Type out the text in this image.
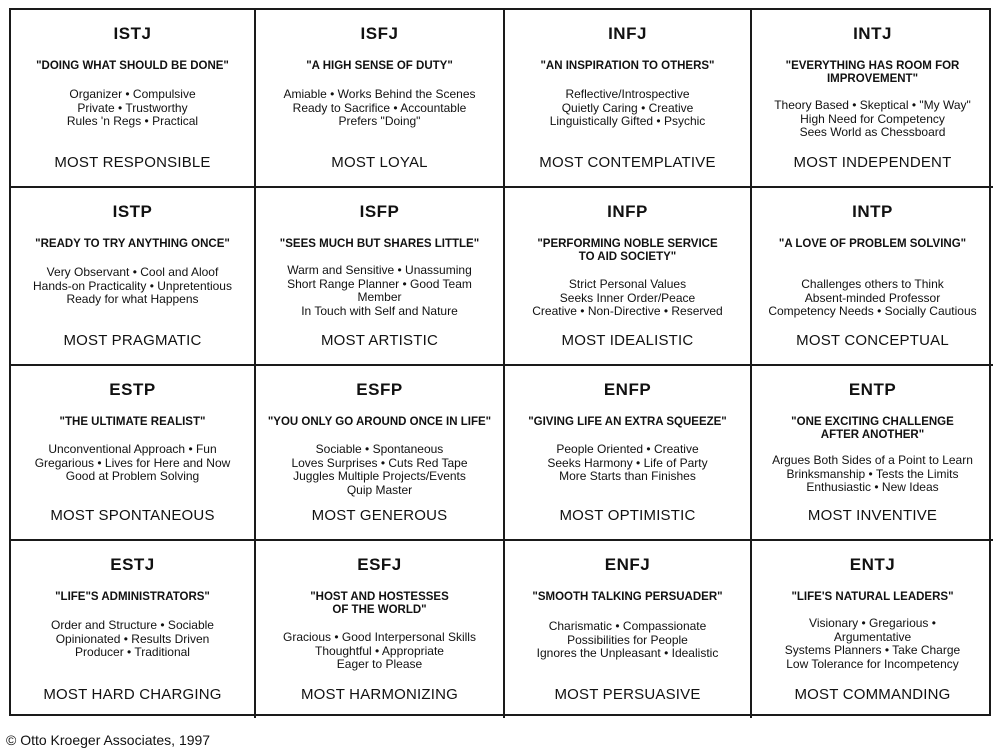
ISTJ
"DOING WHAT SHOULD BE DONE"
Organizer • Compulsive
Private • Trustworthy
Rules 'n Regs • Practical
MOST RESPONSIBLE
ISFJ
"A HIGH SENSE OF DUTY"
Amiable • Works Behind the Scenes
Ready to Sacrifice • Accountable
Prefers "Doing"
MOST LOYAL
INFJ
"AN INSPIRATION TO OTHERS"
Reflective/Introspective
Quietly Caring • Creative
Linguistically Gifted • Psychic
MOST CONTEMPLATIVE
INTJ
"EVERYTHING HAS ROOM FOR
IMPROVEMENT"
Theory Based • Skeptical • "My Way"
High Need for Competency
Sees World as Chessboard
MOST INDEPENDENT
ISTP
"READY TO TRY ANYTHING ONCE"
Very Observant • Cool and Aloof
Hands-on Practicality • Unpretentious
Ready for what Happens
MOST PRAGMATIC
ISFP
"SEES MUCH BUT SHARES LITTLE"
Warm and Sensitive • Unassuming
Short Range Planner • Good Team
Member
In Touch with Self and Nature
MOST ARTISTIC
INFP
"PERFORMING NOBLE SERVICE
TO AID SOCIETY"
Strict Personal Values
Seeks Inner Order/Peace
Creative • Non-Directive • Reserved
MOST IDEALISTIC
INTP
"A LOVE OF PROBLEM SOLVING"
Challenges others to Think
Absent-minded Professor
Competency Needs • Socially Cautious
MOST CONCEPTUAL
ESTP
"THE ULTIMATE REALIST"
Unconventional Approach • Fun
Gregarious • Lives for Here and Now
Good at Problem Solving
MOST SPONTANEOUS
ESFP
"YOU ONLY GO AROUND ONCE IN LIFE"
Sociable • Spontaneous
Loves Surprises • Cuts Red Tape
Juggles Multiple Projects/Events
Quip Master
MOST GENEROUS
ENFP
"GIVING LIFE AN EXTRA SQUEEZE"
People Oriented • Creative
Seeks Harmony • Life of Party
More Starts than Finishes
MOST OPTIMISTIC
ENTP
"ONE EXCITING CHALLENGE
AFTER ANOTHER"
Argues Both Sides of a Point to Learn
Brinksmanship • Tests the Limits
Enthusiastic • New Ideas
MOST INVENTIVE
ESTJ
"LIFE"S ADMINISTRATORS"
Order and Structure • Sociable
Opinionated • Results Driven
Producer • Traditional
MOST HARD CHARGING
ESFJ
"HOST AND HOSTESSES
OF THE WORLD"
Gracious • Good Interpersonal Skills
Thoughtful • Appropriate
Eager to Please
MOST HARMONIZING
ENFJ
"SMOOTH TALKING PERSUADER"
Charismatic • Compassionate
Possibilities for People
Ignores the Unpleasant • Idealistic
MOST PERSUASIVE
ENTJ
"LIFE'S NATURAL LEADERS"
Visionary • Gregarious •
Argumentative
Systems Planners • Take Charge
Low Tolerance for Incompetency
MOST COMMANDING
© Otto Kroeger Associates, 1997
